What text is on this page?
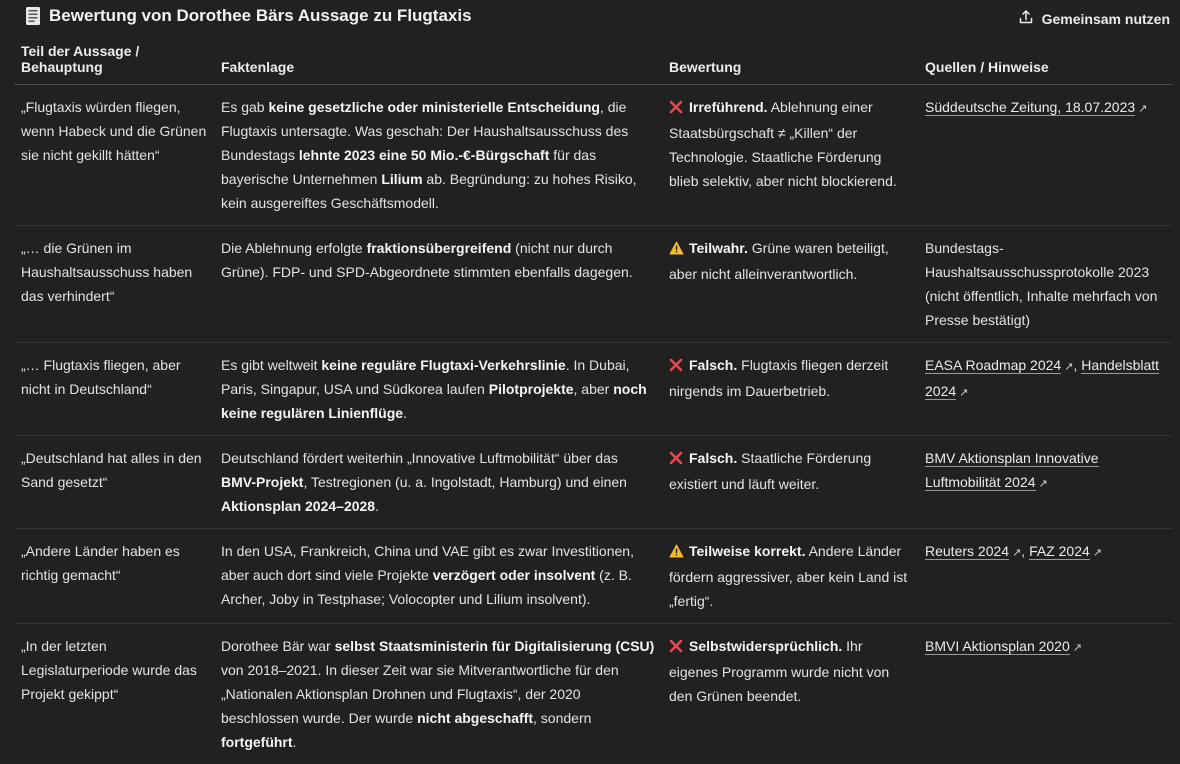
Bewertung von Dorothee Bärs Aussage zu Flugtaxis	Gemeinsam nutzen
Teil der Aussage / Behauptung	Faktenlage	Bewertung	Quellen / Hinweise
„Flugtaxis würden fliegen, wenn Habeck und die Grünen sie nicht gekillt hätten“	Es gab keine gesetzliche oder ministerielle Entscheidung, die Flugtaxis untersagte. Was geschah: Der Haushaltsausschuss des Bundestags lehnte 2023 eine 50 Mio.-€-Bürgschaft für das bayerische Unternehmen Lilium ab. Begründung: zu hohes Risiko, kein ausgereiftes Geschäftsmodell.	Irreführend. Ablehnung einer Staatsbürgschaft ≠ „Killen“ der Technologie. Staatliche Förderung blieb selektiv, aber nicht blockierend.	Süddeutsche Zeitung, 18.07.2023 ↗
„… die Grünen im Haushaltsausschuss haben das verhindert“	Die Ablehnung erfolgte fraktionsübergreifend (nicht nur durch Grüne). FDP- und SPD-Abgeordnete stimmten ebenfalls dagegen.	Teilwahr. Grüne waren beteiligt, aber nicht alleinverantwortlich.	Bundestags-Haushaltsausschussprotokolle 2023 (nicht öffentlich, Inhalte mehrfach von Presse bestätigt)
„… Flugtaxis fliegen, aber nicht in Deutschland“	Es gibt weltweit keine reguläre Flugtaxi-Verkehrslinie. In Dubai, Paris, Singapur, USA und Südkorea laufen Pilotprojekte, aber noch keine regulären Linienflüge.	Falsch. Flugtaxis fliegen derzeit nirgends im Dauerbetrieb.	EASA Roadmap 2024 ↗, Handelsblatt 2024 ↗
„Deutschland hat alles in den Sand gesetzt“	Deutschland fördert weiterhin „Innovative Luftmobilität“ über das BMV-Projekt, Testregionen (u. a. Ingolstadt, Hamburg) und einen Aktionsplan 2024–2028.	Falsch. Staatliche Förderung existiert und läuft weiter.	BMV Aktionsplan Innovative Luftmobilität 2024 ↗
„Andere Länder haben es richtig gemacht“	In den USA, Frankreich, China und VAE gibt es zwar Investitionen, aber auch dort sind viele Projekte verzögert oder insolvent (z. B. Archer, Joby in Testphase; Volocopter und Lilium insolvent).	Teilweise korrekt. Andere Länder fördern aggressiver, aber kein Land ist „fertig“.	Reuters 2024 ↗, FAZ 2024 ↗
„In der letzten Legislaturperiode wurde das Projekt gekippt“	Dorothee Bär war selbst Staatsministerin für Digitalisierung (CSU) von 2018–2021. In dieser Zeit war sie Mitverantwortliche für den „Nationalen Aktionsplan Drohnen und Flugtaxis“, der 2020 beschlossen wurde. Der wurde nicht abgeschafft, sondern fortgeführt.	Selbstwidersprüchlich. Ihr eigenes Programm wurde nicht von den Grünen beendet.	BMVI Aktionsplan 2020 ↗
